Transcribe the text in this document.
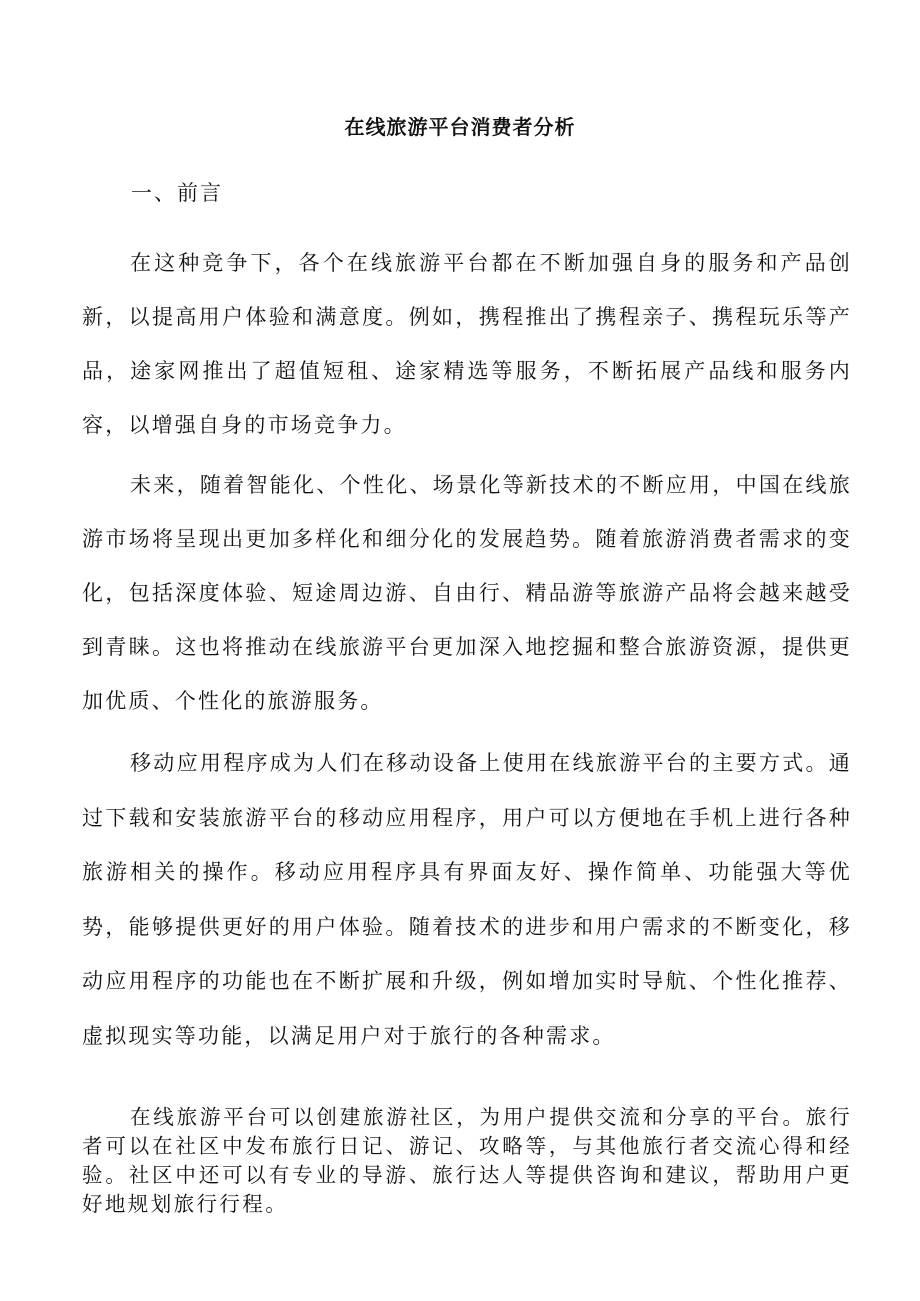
在线旅游平台消费者分析

一、前言

在这种竞争下，各个在线旅游平台都在不断加强自身的服务和产品创新，以提高用户体验和满意度。例如，携程推出了携程亲子、携程玩乐等产品，途家网推出了超值短租、途家精选等服务，不断拓展产品线和服务内容，以增强自身的市场竞争力。

未来，随着智能化、个性化、场景化等新技术的不断应用，中国在线旅游市场将呈现出更加多样化和细分化的发展趋势。随着旅游消费者需求的变化，包括深度体验、短途周边游、自由行、精品游等旅游产品将会越来越受到青睐。这也将推动在线旅游平台更加深入地挖掘和整合旅游资源，提供更加优质、个性化的旅游服务。

移动应用程序成为人们在移动设备上使用在线旅游平台的主要方式。通过下载和安装旅游平台的移动应用程序，用户可以方便地在手机上进行各种旅游相关的操作。移动应用程序具有界面友好、操作简单、功能强大等优势，能够提供更好的用户体验。随着技术的进步和用户需求的不断变化，移动应用程序的功能也在不断扩展和升级，例如增加实时导航、个性化推荐、虚拟现实等功能，以满足用户对于旅行的各种需求。

在线旅游平台可以创建旅游社区，为用户提供交流和分享的平台。旅行者可以在社区中发布旅行日记、游记、攻略等，与其他旅行者交流心得和经验。社区中还可以有专业的导游、旅行达人等提供咨询和建议，帮助用户更好地规划旅行行程。
